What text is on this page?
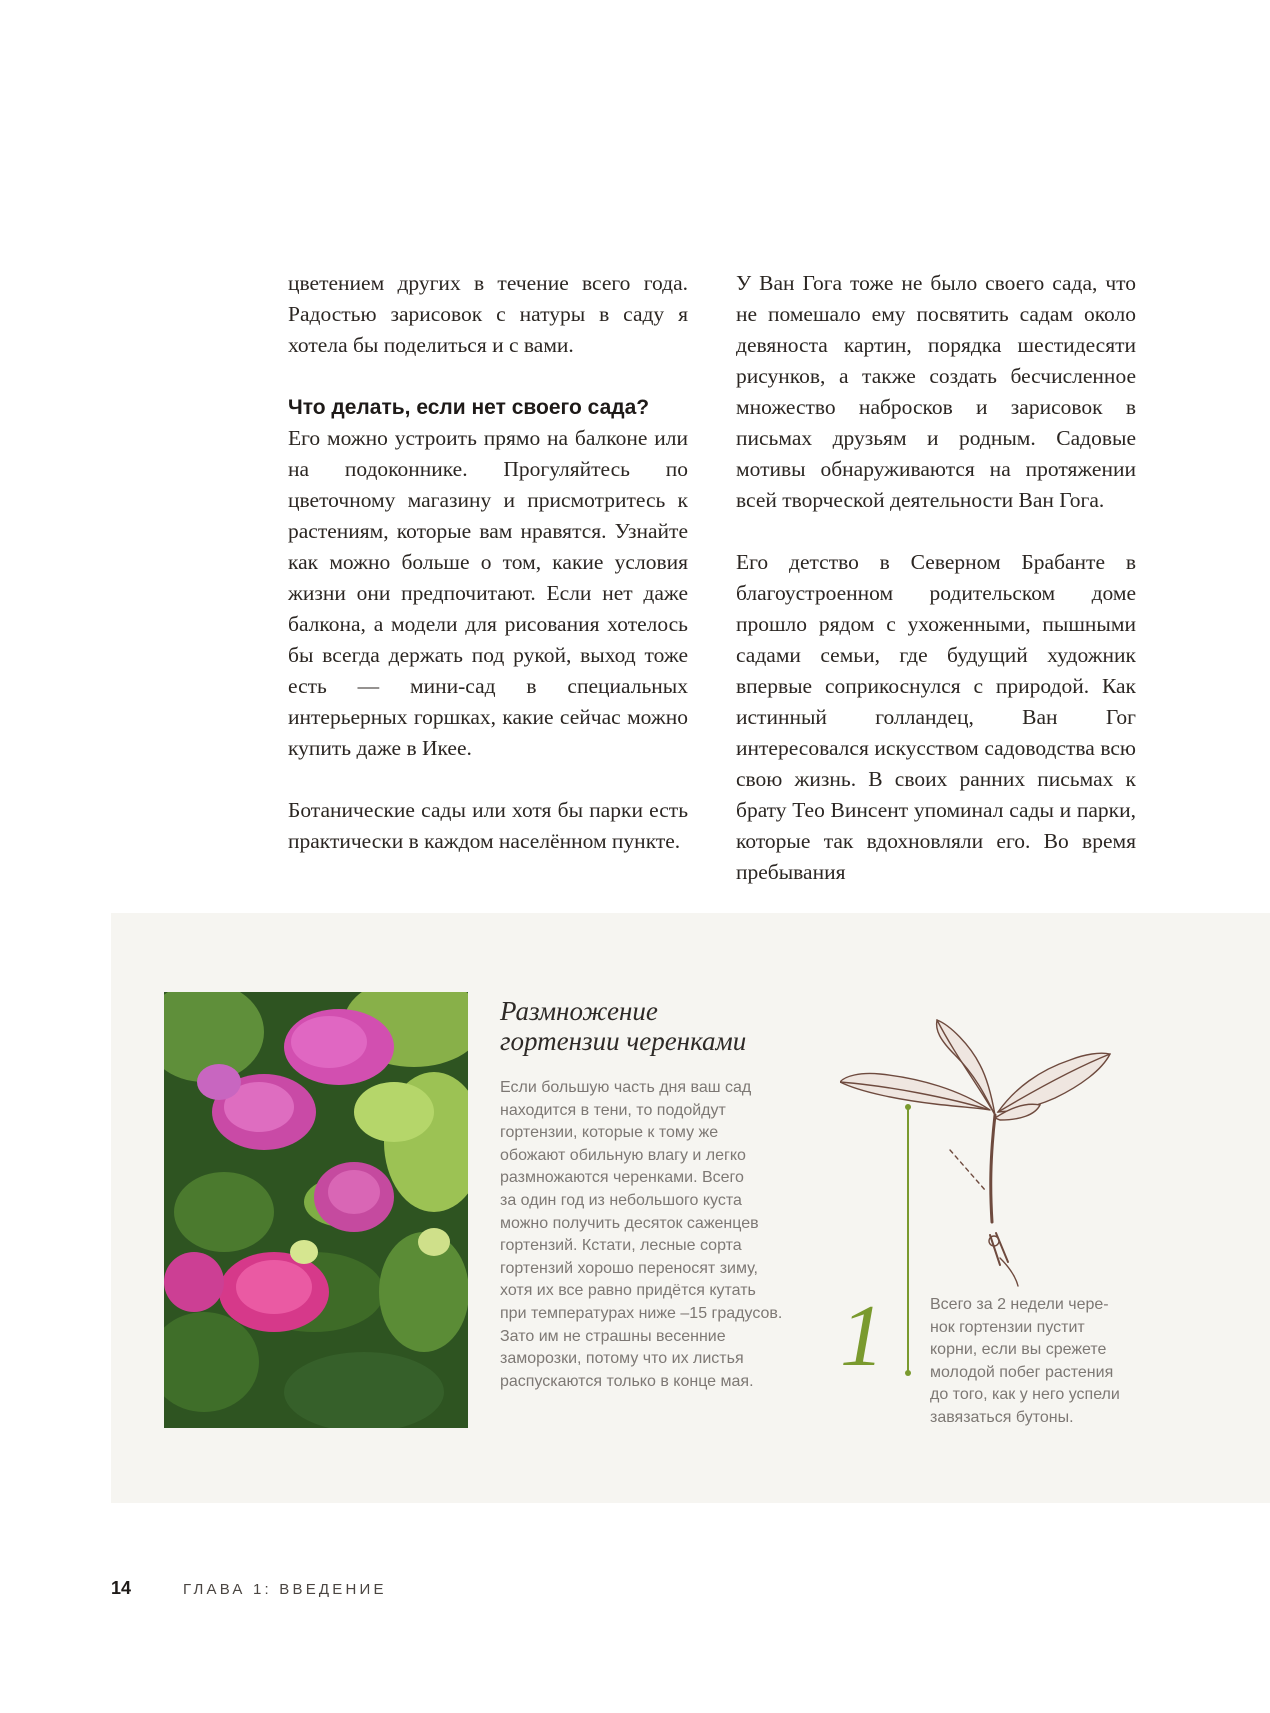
цветением других в течение всего года. Радостью зарисовок с натуры в саду я хотела бы поделиться и с вами.

Что делать, если нет своего сада?

Его можно устроить прямо на балконе или на подоконнике. Прогуляйтесь по цветочному магазину и присмотритесь к растениям, которые вам нравятся. Узнайте как можно больше о том, какие условия жизни они предпочитают. Если нет даже балкона, а модели для рисования хотелось бы всегда держать под рукой, выход тоже есть — мини-сад в специальных интерьерных горшках, какие сейчас можно купить даже в Икее.

Ботанические сады или хотя бы парки есть практически в каждом населённом пункте.

У Ван Гога тоже не было своего сада, что не помешало ему посвятить садам около девяноста картин, порядка шестидесяти рисунков, а также создать бесчисленное множество набросков и зарисовок в письмах друзьям и родным. Садовые мотивы обнаруживаются на протяжении всей творческой деятельности Ван Гога.

Его детство в Северном Брабанте в благоустроенном родительском доме прошло рядом с ухоженными, пышными садами семьи, где будущий художник впервые соприкоснулся с природой. Как истинный голландец, Ван Гог интересовался искусством садоводства всю свою жизнь. В своих ранних письмах к брату Тео Винсент упоминал сады и парки, которые так вдохновляли его. Во время пребывания

Размножение
гортензии черенками
Если большую часть дня ваш сад
находится в тени, то подойдут
гортензии, которые к тому же
обожают обильную влагу и легко
размножаются черенками. Всего
за один год из небольшого куста
можно получить десяток саженцев
гортензий. Кстати, лесные сорта
гортензий хорошо переносят зиму,
хотя их все равно придётся кутать
при температурах ниже –15 градусов.
Зато им не страшны весенние
заморозки, потому что их листья
распускаются только в конце мая. 1	Всего за 2 недели чере-
нок гортензии пустит
корни, если вы срежете
молодой побег растения
до того, как у него успели
завязаться бутоны.
14	ГЛАВА 1: ВВЕДЕНИЕ
